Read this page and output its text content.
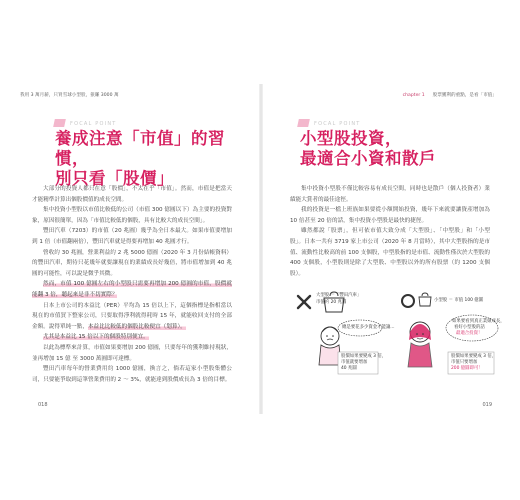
我用 3 萬月薪，只買雪球小型股，狠賺 3000 萬
FOCAL POINT
養成注意「市值」的習慣，
別只看「股價」

大部分的投資人都只在意「股價」，不太在乎「市值」。然而，市值是把當天才能精準計算出個股價值的成長空間。

集中投資小型股以市值比較低的公司（市值 300 億圓以下）為主要的投資對象，原因很簡單，因為「市值比較低的個股，具有比較大的成長空間」。

豐田汽車（7203）的市值（20 兆圓）幾乎為全日本最大。如果市值要增加到 1 倍（市值翻兩倍），豐田汽車就是得要再增加 40 兆圓才行。

營收約 30 兆圓，營業利益約 2 兆 5000 億圓（2020 年 3 月份結帳資料）的豐田汽車，期待只花幾年就要讓現在的業績成長好幾倍，將市值增加到 40 兆圓的可能性，可以說是微乎其微。

然而，市值 100 億圓左右的小型股只需要再增加 200 億圓的市值，股價就能翻 3 倍，聽起來是非不切實際？

日本上市公司的本益比（PER）平均為 15 倍以上下，這個指標是指相當以現在的市值買下整家公司，只要取得淨利就得耗時 15 年，就能收回支付的全部金額。說得單純一點，本益比比較低的個股比較便宜（划算）。

尤其是本益比 15 倍以下的個股特別便宜。

以此為標準來計算，市值如果要增加 200 億圓，只要每年的獲利維持現狀，並再增加 15 億 至 3000 萬圓即可達標。

豐田汽車每年的營業費用約 1000 億圓，換言之，倘若這家小型股集體公司，只要能爭取到這筆營業費用的 2 ～ 3%，就能達到股價成長為 3 倍的目標。

018
chapter 1 股票獲利的重點，是看「市值」
FOCAL POINT
小型股投資，
最適合小資和散戶

集中投資小型股不僅比較容易有成長空間，同時也是散戶（個人投資者）業績能大賞者的最佳途徑。

我的投資是一檔上班族如果要從小額開始投資，幾年下來就要讓資產增加為 10 倍甚至 20 倍的話，集中投資小型股是最快的捷徑。

雖然都說「股票」，但可依市值大致分成「大型股」、「中型股」和「小型股」。日本一共有 3719 家上市公司（2020 年 8 月當時），其中大型股指的是市值、流動性比較高的前 100 支個股，中型股指的是市值、流動性僅次於大型股的 400 支個股，小型股則是除了大型股、中型股以外的所有股票（約 1200 支個股）。

大型股 ＝「豐田汽車」
市值約 20 兆圓
總是要花多少資金才能讓...
股價如果要變成 3 倍，
市值就要增加
40 兆圓
小型股 ＝ 市值 100 億圓
如果要看到真正業績成長，
看好小型股的話
最適合投資！
股價如果要變成 3 倍，
市值只要增加
200 億圓即可！
019
